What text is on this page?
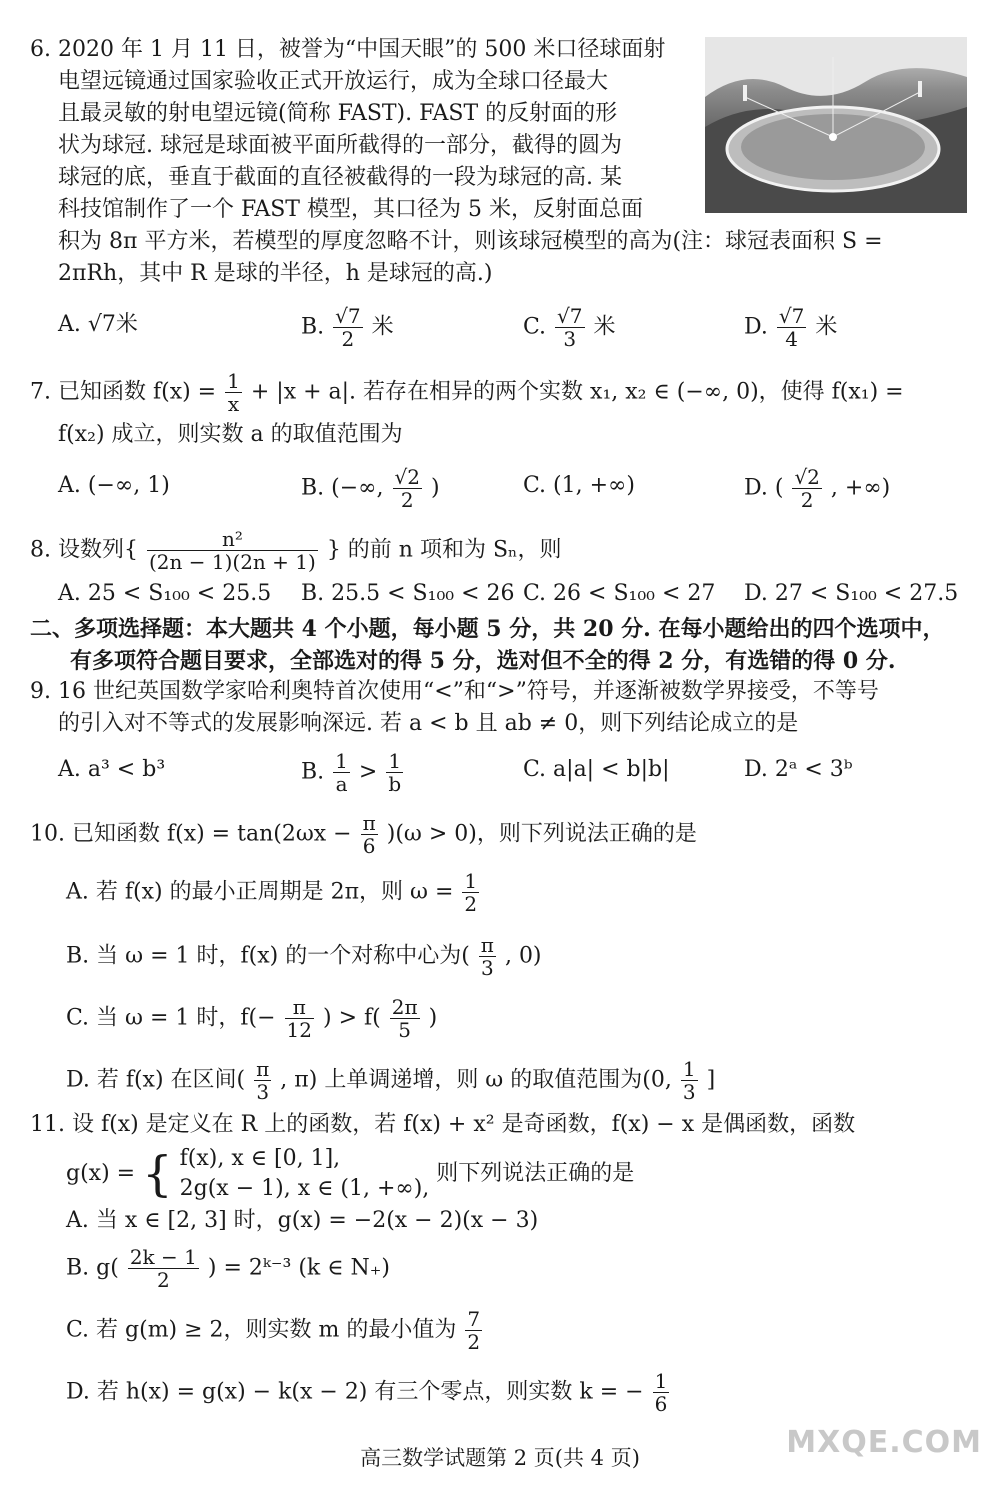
6. 2020 年 1 月 11 日，被誉为“中国天眼”的 500 米口径球面射
电望远镜通过国家验收正式开放运行，成为全球口径最大
且最灵敏的射电望远镜(简称 FAST). FAST 的反射面的形
状为球冠. 球冠是球面被平面所截得的一部分，截得的圆为
球冠的底，垂直于截面的直径被截得的一段为球冠的高. 某
科技馆制作了一个 FAST 模型，其口径为 5 米，反射面总面
积为 8π 平方米，若模型的厚度忽略不计，则该球冠模型的高为(注：球冠表面积 S =
2πRh，其中 R 是球的半径，h 是球冠的高.)
A. √7米	B. $\frac{√7}{2}$ 米	C. $\frac{√7}{3}$ 米	D. $\frac{√7}{4}$ 米
7. 已知函数 $f(x) = \frac{1}{x} + |x + a|$. 若存在相异的两个实数 x₁, x₂ ∈ (−∞, 0)，使得 f(x₁) =
f(x₂) 成立，则实数 a 的取值范围为
A. (−∞, 1)	B. (−∞, $\frac{√2}{2}$ )	C. (1, +∞)	D. ( $\frac{√2}{2}$ , +∞)
8. 设数列{ $\frac{\text{n²}}{(2n - 1)(2n + 1)}$ } 的前 n 项和为 Sₙ，则
A. 25 < S₁₀₀ < 25.5 B. 25.5 < S₁₀₀ < 26 C. 26 < S₁₀₀ < 27 D. 27 < S₁₀₀ < 27.5
二、多项选择题：本大题共 4 个小题，每小题 5 分，共 20 分. 在每小题给出的四个选项中，
有多项符合题目要求，全部选对的得 5 分，选对但不全的得 2 分，有选错的得 0 分.
9. 16 世纪英国数学家哈利奥特首次使用“<”和“>”符号，并逐渐被数学界接受，不等号
的引入对不等式的发展影响深远. 若 a < b 且 ab ≠ 0，则下列结论成立的是
A. a³ < b³	B. $\frac{1}{a} > \frac{1}{b}$	C. a|a| < b|b|	D. 2ᵃ < 3ᵇ
10. 已知函数 $f(x) = \tan(2\omega x - \frac{\pi}{6} )(\omega > 0)$，则下列说法正确的是
A. 若 f(x) 的最小正周期是 2π，则 $\omega = \frac{1}{2}$
B. 当 ω = 1 时，f(x) 的一个对称中心为( $\frac{\pi}{3}$ , 0)
C. 当 ω = 1 时，$f(- \frac{\pi}{12}$ ) > $f( \frac{2\pi}{5}$ )
D. 若 f(x) 在区间( $\frac{\pi}{3}$ , π) 上单调递增，则 ω 的取值范围为(0, $\frac{1}{3}$ ]
11. 设 f(x) 是定义在 R 上的函数，若 f(x) + x² 是奇函数，f(x) − x 是偶函数，函数
g(x) = { f(x), x ∈ [0, 1],
2g(x − 1), x ∈ (1, +∞),
则下列说法正确的是
A. 当 x ∈ [2, 3] 时，g(x) = −2(x − 2)(x − 3)
B. $g( \frac{2k - 1}{2}$ ) = 2ᵏ⁻³ (k ∈ N₊)
C. 若 g(m) ≥ 2，则实数 m 的最小值为 $\frac{7}{2}$
D. 若 h(x) = g(x) − k(x − 2) 有三个零点，则实数 k = − $\frac{1}{6}$
高三数学试题第 2 页(共 4 页)	MXQE.COM
